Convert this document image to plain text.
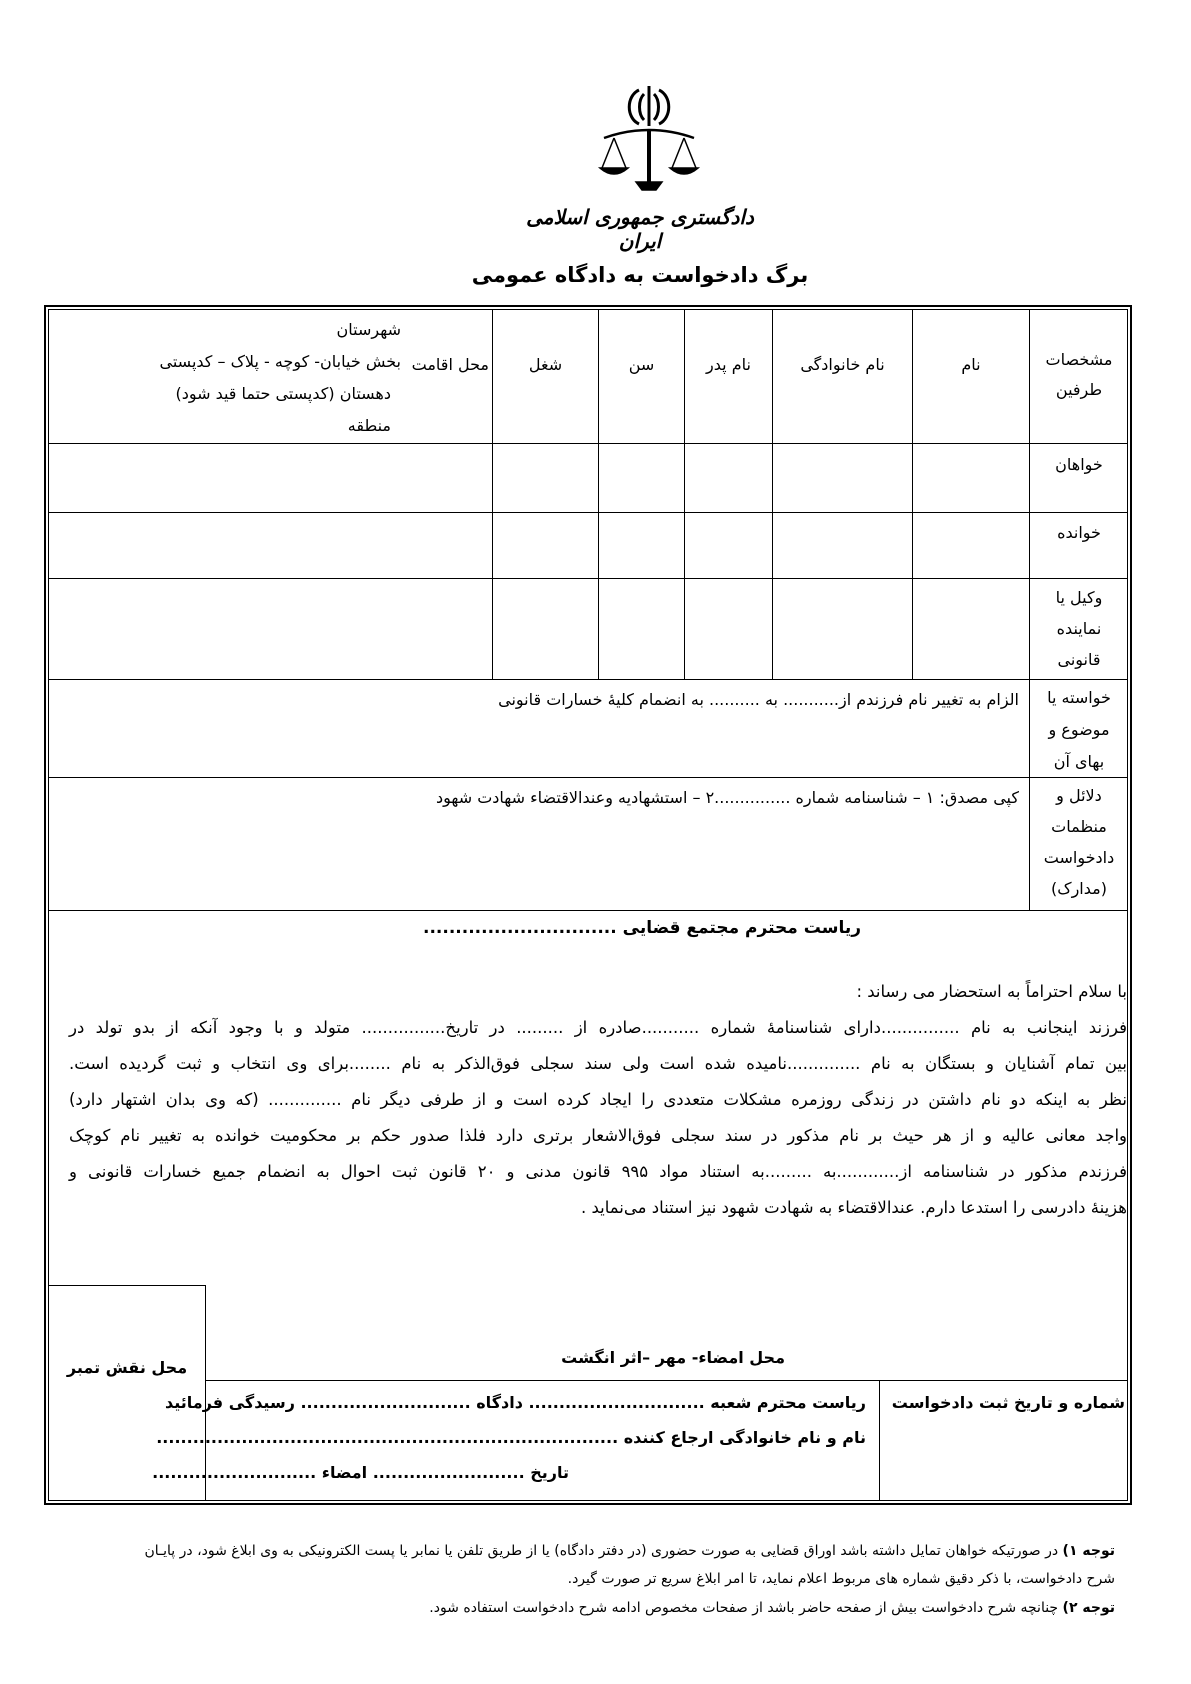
دادگستری جمهوری اسلامی ایران
برگ دادخواست به دادگاه عمومی
مشخصات
طرفین
نام
نام خانوادگی
نام پدر
سن
شغل
محل اقامت
شهرستان
بخش خیابان- کوچه - پلاک – کدپستی
دهستان (کدپستی حتما قید شود)
منطقه
خواهان
خوانده
وکیل یا
نماینده
قانونی
خواسته یا
موضوع و
بهای آن
الزام به تغییر نام فرزندم از........... به .......... به انضمام کلیهٔ خسارات قانونی
دلائل و
منظمات
دادخواست
(مدارک)
کپی مصدق: ۱ – شناسنامه شماره ...............۲ – استشهادیه وعندالاقتضاء شهادت شهود
ریاست محترم مجتمع قضایی ..............................
با سلام احتراماً به استحضار می رساند :
فرزند اینجانب به نام ...............دارای شناسنامهٔ شماره ...........صادره از ......... در تاریخ................ متولد و با وجود آنکه از بدو تولد در
بین تمام آشنایان و بستگان به نام ..............نامیده شده است ولی سند سجلی فوق‌الذکر به نام ........برای وی انتخاب و ثبت گردیده است.
نظر به اینکه دو نام داشتن در زندگی روزمره مشکلات متعددی را ایجاد کرده است و از طرفی دیگر نام .............. (که وی بدان اشتهار دارد)
واجد معانی عالیه و از هر حیث بر نام مذکور در سند سجلی فوق‌الاشعار برتری دارد فلذا صدور حکم بر محکومیت خوانده به تغییر نام کوچک
فرزندم مذکور در شناسنامه از............به .........به استناد مواد ۹۹۵ قانون مدنی و ۲۰ قانون ثبت احوال به انضمام جمیع خسارات قانونی و
هزینهٔ دادرسی را استدعا دارم. عندالاقتضاء به شهادت شهود نیز استناد می‌نماید .
محل نقش تمبر
محل امضاء- مهر –اثر انگشت
شماره و تاریخ ثبت دادخواست
ریاست محترم شعبه ............................. دادگاه ............................ رسیدگی فرمائید
نام و نام خانوادگی ارجاع کننده ............................................................................
تاریخ ......................... امضاء ...........................
توجه ۱) در صورتیکه خواهان تمایل داشته باشد اوراق قضایی به صورت حضوری (در دفتر دادگاه) یا از طریق تلفن یا نمابر یا پست الکترونیکی به وی ابلاغ شود، در پایـان
شرح دادخواست، با ذکر دقیق شماره های مربوط اعلام نماید، تا امر ابلاغ سریع تر صورت گیرد.
توجه ۲) چنانچه شرح دادخواست بیش از صفحه حاضر باشد از صفحات مخصوص ادامه شرح دادخواست استفاده شود.
